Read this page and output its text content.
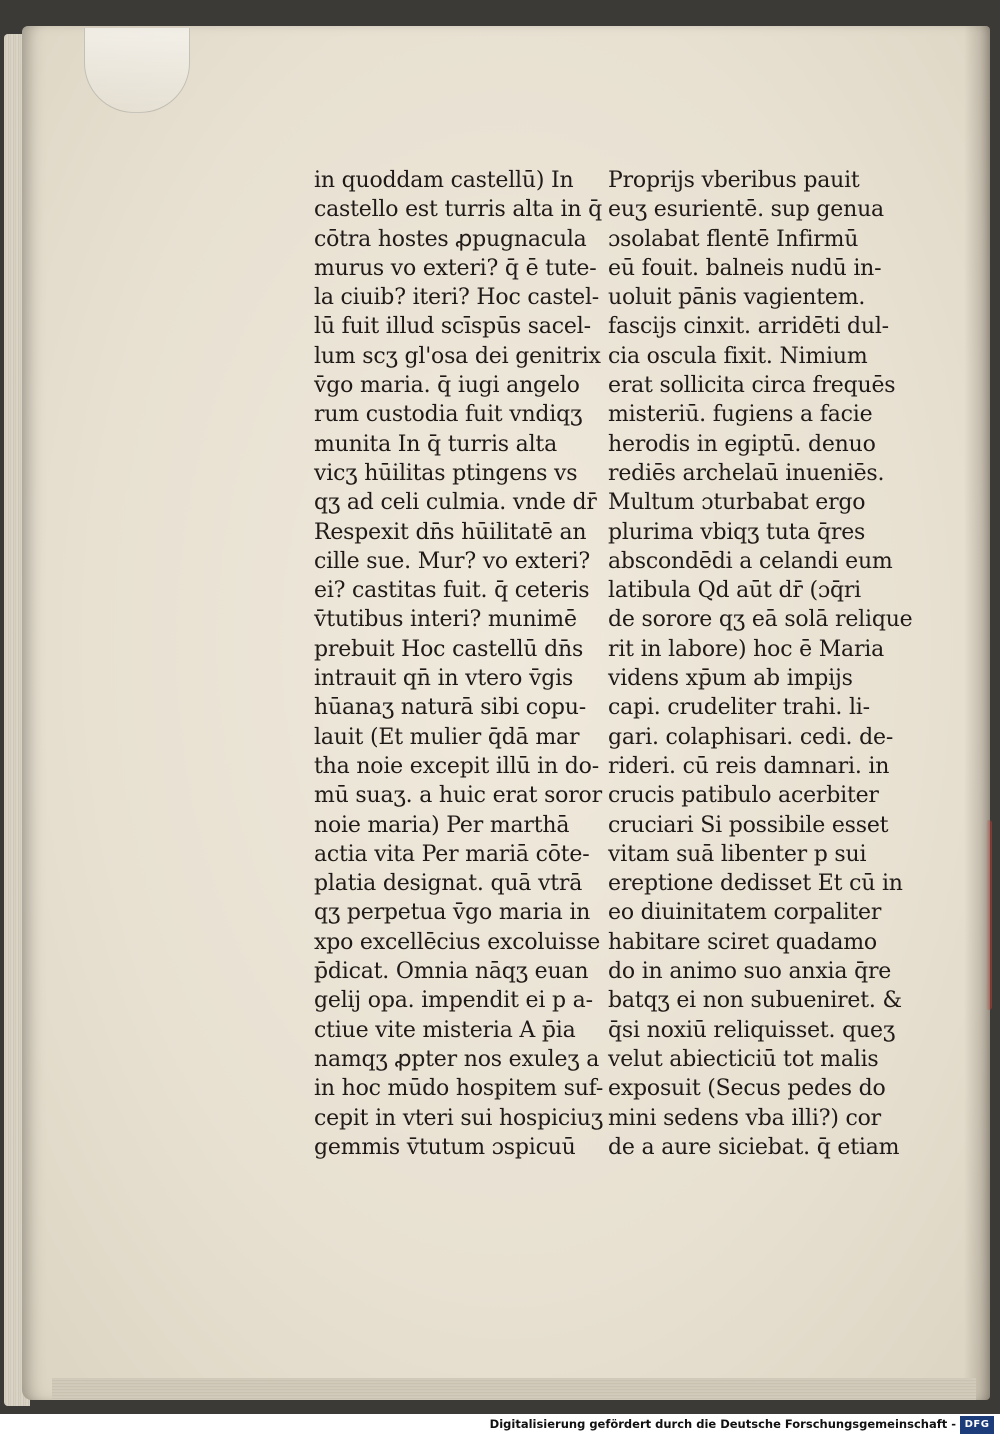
in quoddam castellū) In
castello est turris alta in q̄
cōtra hostes ꝓpugnacula
murus vo exteri? q̄ ē tute-
la ciuib? iteri? Hoc castel-
lū fuit illud scīspūs sacel-
lum scʒ gl'osa dei genitrix
v̄go maria. q̄ iugi angelo
rum custodia fuit vndiqʒ
munita In q̄ turris alta
vicʒ hūilitas ptingens vs
qʒ ad celi culmia. vnde dr̄
Respexit dn̄s hūilitatē an
cille sue. Mur? vo exteri?
ei? castitas fuit. q̄ ceteris
v̄tutibus interi? munimē
prebuit Hoc castellū dn̄s
intrauit qn̄ in vtero v̄gis
hūanaʒ naturā sibi copu-
lauit (Et mulier q̄dā mar
tha noie excepit illū in do-
mū suaʒ. a huic erat soror
noie maria) Per marthā
actia vita Per mariā cōte-
platia designat. quā vtrā
qʒ perpetua v̄go maria in
xpo excellēcius excoluisse
p̄dicat. Omnia nāqʒ euan
gelij opa. impendit ei p a-
ctiue vite misteria A p̄ia
namqʒ ꝓpter nos exuleʒ a
in hoc mūdo hospitem suf-
cepit in vteri sui hospiciuʒ
gemmis v̄tutum ɔspicuū
Proprijs vberibus pauit
euʒ esurientē. sup genua
ɔsolabat flentē Infirmū
eū fouit. balneis nudū in-
uoluit pānis vagientem.
fascijs cinxit. arridēti dul-
cia oscula fixit. Nimium
erat sollicita circa frequēs
misteriū. fugiens a facie
herodis in egiptū. denuo
rediēs archelaū inueniēs.
Multum ɔturbabat ergo
plurima vbiqʒ tuta q̄res
abscondēdi a celandi eum
latibula Qd aūt dr̄ (ɔq̄ri
de sorore qʒ eā solā relique
rit in labore) hoc ē Maria
videns xp̄um ab impijs
capi. crudeliter trahi. li-
gari. colaphisari. cedi. de-
rideri. cū reis damnari. in
crucis patibulo acerbiter
cruciari Si possibile esset
vitam suā libenter p sui
ereptione dedisset Et cū in
eo diuinitatem corpaliter
habitare sciret quadamo
do in animo suo anxia q̄re
batqʒ ei non subueniret. &
q̄si noxiū reliquisset. queʒ
velut abiecticiū tot malis
exposuit (Secus pedes do
mini sedens vba illi?) cor
de a aure siciebat. q̄ etiam
Digitalisierung gefördert durch die Deutsche Forschungsgemeinschaft - DFG
